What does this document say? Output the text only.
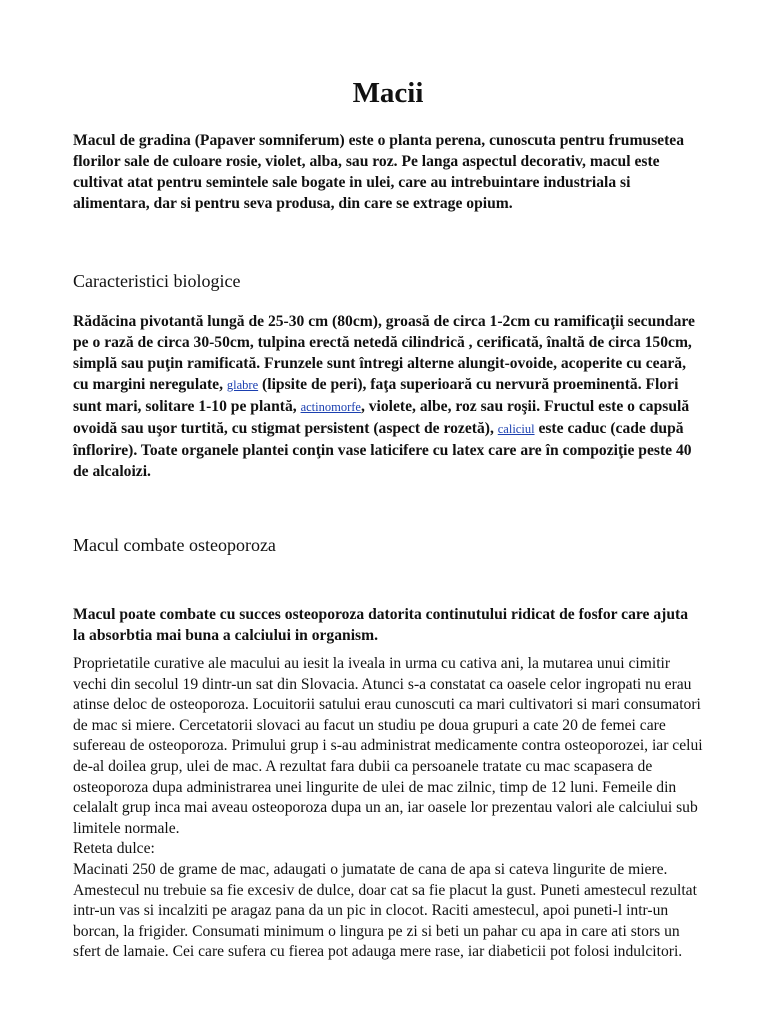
Macii

Macul de gradina (Papaver somniferum) este o planta perena, cunoscuta pentru frumusetea florilor sale de culoare rosie, violet, alba, sau roz. Pe langa aspectul decorativ, macul este cultivat atat pentru semintele sale bogate in ulei, care au intrebuintare industriala si alimentara, dar si pentru seva produsa, din care se extrage opium.

Caracteristici biologice

Rădăcina pivotantă lungă de 25-30 cm (80cm), groasă de circa 1-2cm cu ramificaţii secundare pe o rază de circa 30-50cm, tulpina erectă netedă cilindrică , cerificată, înaltă de circa 150cm, simplă sau puţin ramificată. Frunzele sunt întregi alterne alungit-ovoide, acoperite cu ceară, cu margini neregulate, glabre (lipsite de peri), faţa superioară cu nervură proeminentă. Flori sunt mari, solitare 1-10 pe plantă, actinomorfe, violete, albe, roz sau roşii. Fructul este o capsulă ovoidă sau uşor turtită, cu stigmat persistent (aspect de rozetă), caliciul este caduc (cade după înflorire). Toate organele plantei conţin vase laticifere cu latex care are în compoziţie peste 40 de alcaloizi.

Macul combate osteoporoza

Macul poate combate cu succes osteoporoza datorita continutului ridicat de fosfor care ajuta la absorbtia mai buna a calciului in organism.

Proprietatile curative ale macului au iesit la iveala in urma cu cativa ani, la mutarea unui cimitir vechi din secolul 19 dintr-un sat din Slovacia. Atunci s-a constatat ca oasele celor ingropati nu erau atinse deloc de osteoporoza. Locuitorii satului erau cunoscuti ca mari cultivatori si mari consumatori de mac si miere. Cercetatorii slovaci au facut un studiu pe doua grupuri a cate 20 de femei care sufereau de osteoporoza. Primului grup i s-au administrat medicamente contra osteoporozei, iar celui de-al doilea grup, ulei de mac. A rezultat fara dubii ca persoanele tratate cu mac scapasera de osteoporoza dupa administrarea unei lingurite de ulei de mac zilnic, timp de 12 luni. Femeile din celalalt grup inca mai aveau osteoporoza dupa un an, iar oasele lor prezentau valori ale calciului sub limitele normale.
Reteta dulce:
Macinati 250 de grame de mac, adaugati o jumatate de cana de apa si cateva lingurite de miere. Amestecul nu trebuie sa fie excesiv de dulce, doar cat sa fie placut la gust. Puneti amestecul rezultat intr-un vas si incalziti pe aragaz pana da un pic in clocot. Raciti amestecul, apoi puneti-l intr-un borcan, la frigider. Consumati minimum o lingura pe zi si beti un pahar cu apa in care ati stors un sfert de lamaie. Cei care sufera cu fierea pot adauga mere rase, iar diabeticii pot folosi indulcitori.
